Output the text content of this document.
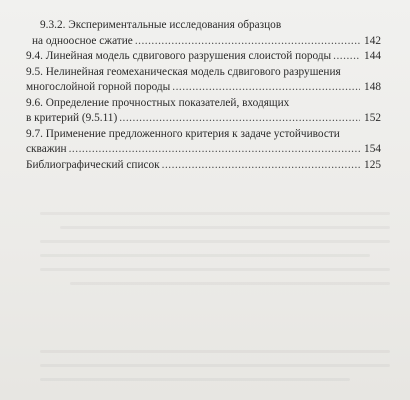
9.3.2. Экспериментальные исследования образцов
на одноосное сжатие .....	142
9.4. Линейная модель сдвигового разрушения слоистой породы .....	144
9.5. Нелинейная геомеханическая модель сдвигового разрушения
многослойной горной породы .....	148
9.6. Определение прочностных показателей, входящих
в критерий (9.5.11) .....	152
9.7. Применение предложенного критерия к задаче устойчивости
скважин .....	154
Библиографический список .....	125
